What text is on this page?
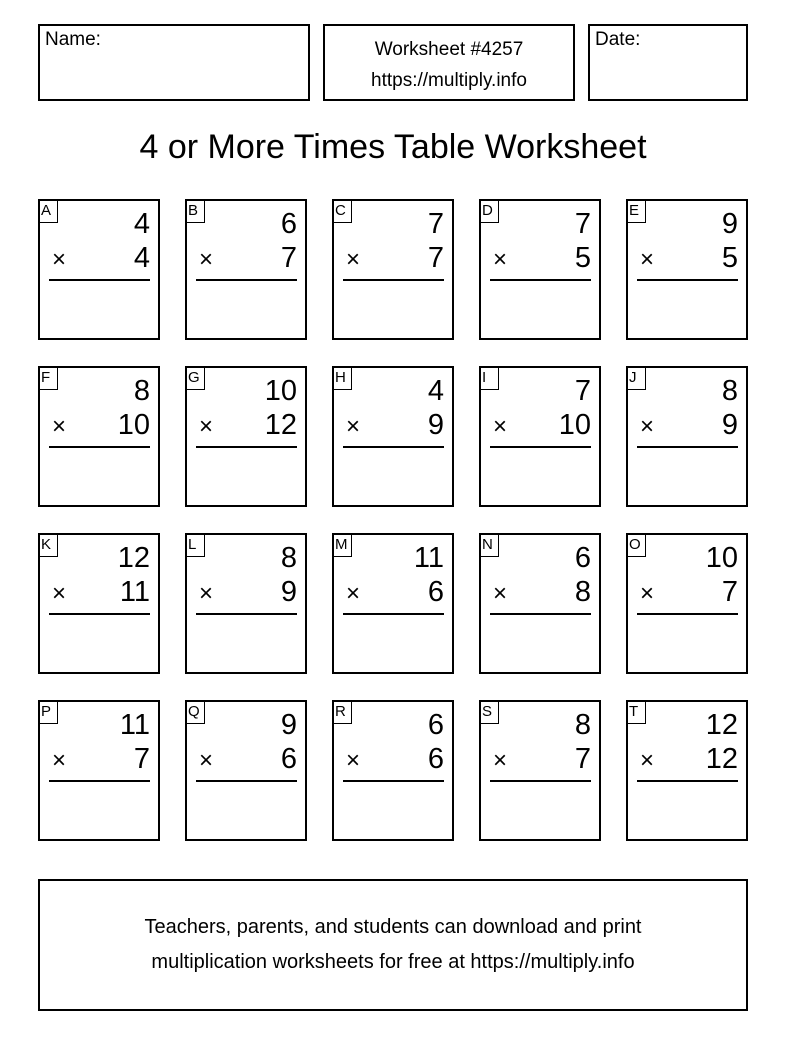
Name:	Worksheet #4257
https://multiply.info
Date:
4 or More Times Table Worksheet
A	4
× 4
B	6
× 7
C	7
× 7
D	7
× 5
E	9
× 5
F	8
× 10
G 10
× 12
H	4
× 9
I	7
× 10
J	8
× 9
K 12
× 11
L	8
× 9
M 11
× 6
N	6
× 8
O 10
× 7
P 11
× 7
Q	9
× 6
R	6
× 6
S	8
× 7
T 12
× 12
Teachers, parents, and students can download and print
multiplication worksheets for free at https://multiply.info
